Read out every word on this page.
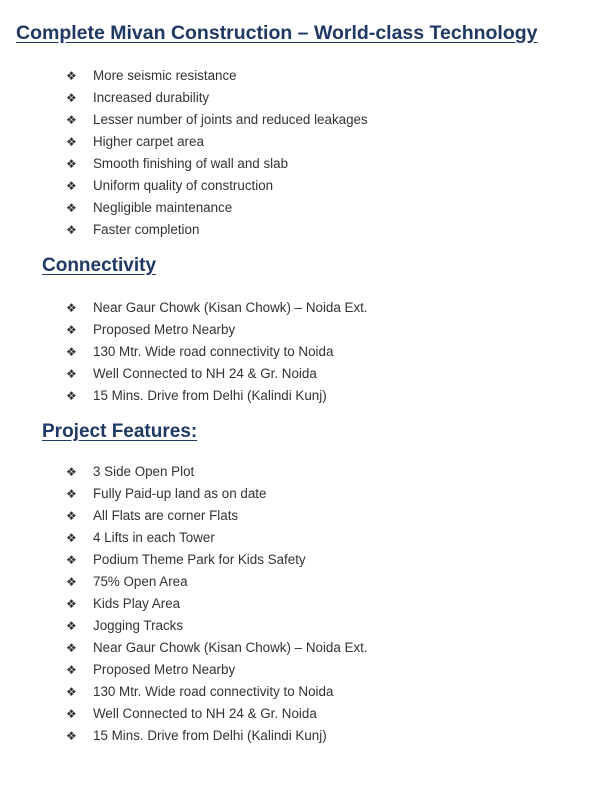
Complete Mivan Construction – World-class Technology
❖	More seismic resistance
❖	Increased durability
❖	Lesser number of joints and reduced leakages
❖	Higher carpet area
❖	Smooth finishing of wall and slab
❖	Uniform quality of construction
❖	Negligible maintenance
❖	Faster completion
Connectivity
❖	Near Gaur Chowk (Kisan Chowk) – Noida Ext.
❖	Proposed Metro Nearby
❖	130 Mtr. Wide road connectivity to Noida
❖	Well Connected to NH 24 & Gr. Noida
❖	15 Mins. Drive from Delhi (Kalindi Kunj)
Project Features:
❖	3 Side Open Plot
❖	Fully Paid-up land as on date
❖	All Flats are corner Flats
❖	4 Lifts in each Tower
❖	Podium Theme Park for Kids Safety
❖	75% Open Area
❖	Kids Play Area
❖	Jogging Tracks
❖	Near Gaur Chowk (Kisan Chowk) – Noida Ext.
❖	Proposed Metro Nearby
❖	130 Mtr. Wide road connectivity to Noida
❖	Well Connected to NH 24 & Gr. Noida
❖	15 Mins. Drive from Delhi (Kalindi Kunj)
